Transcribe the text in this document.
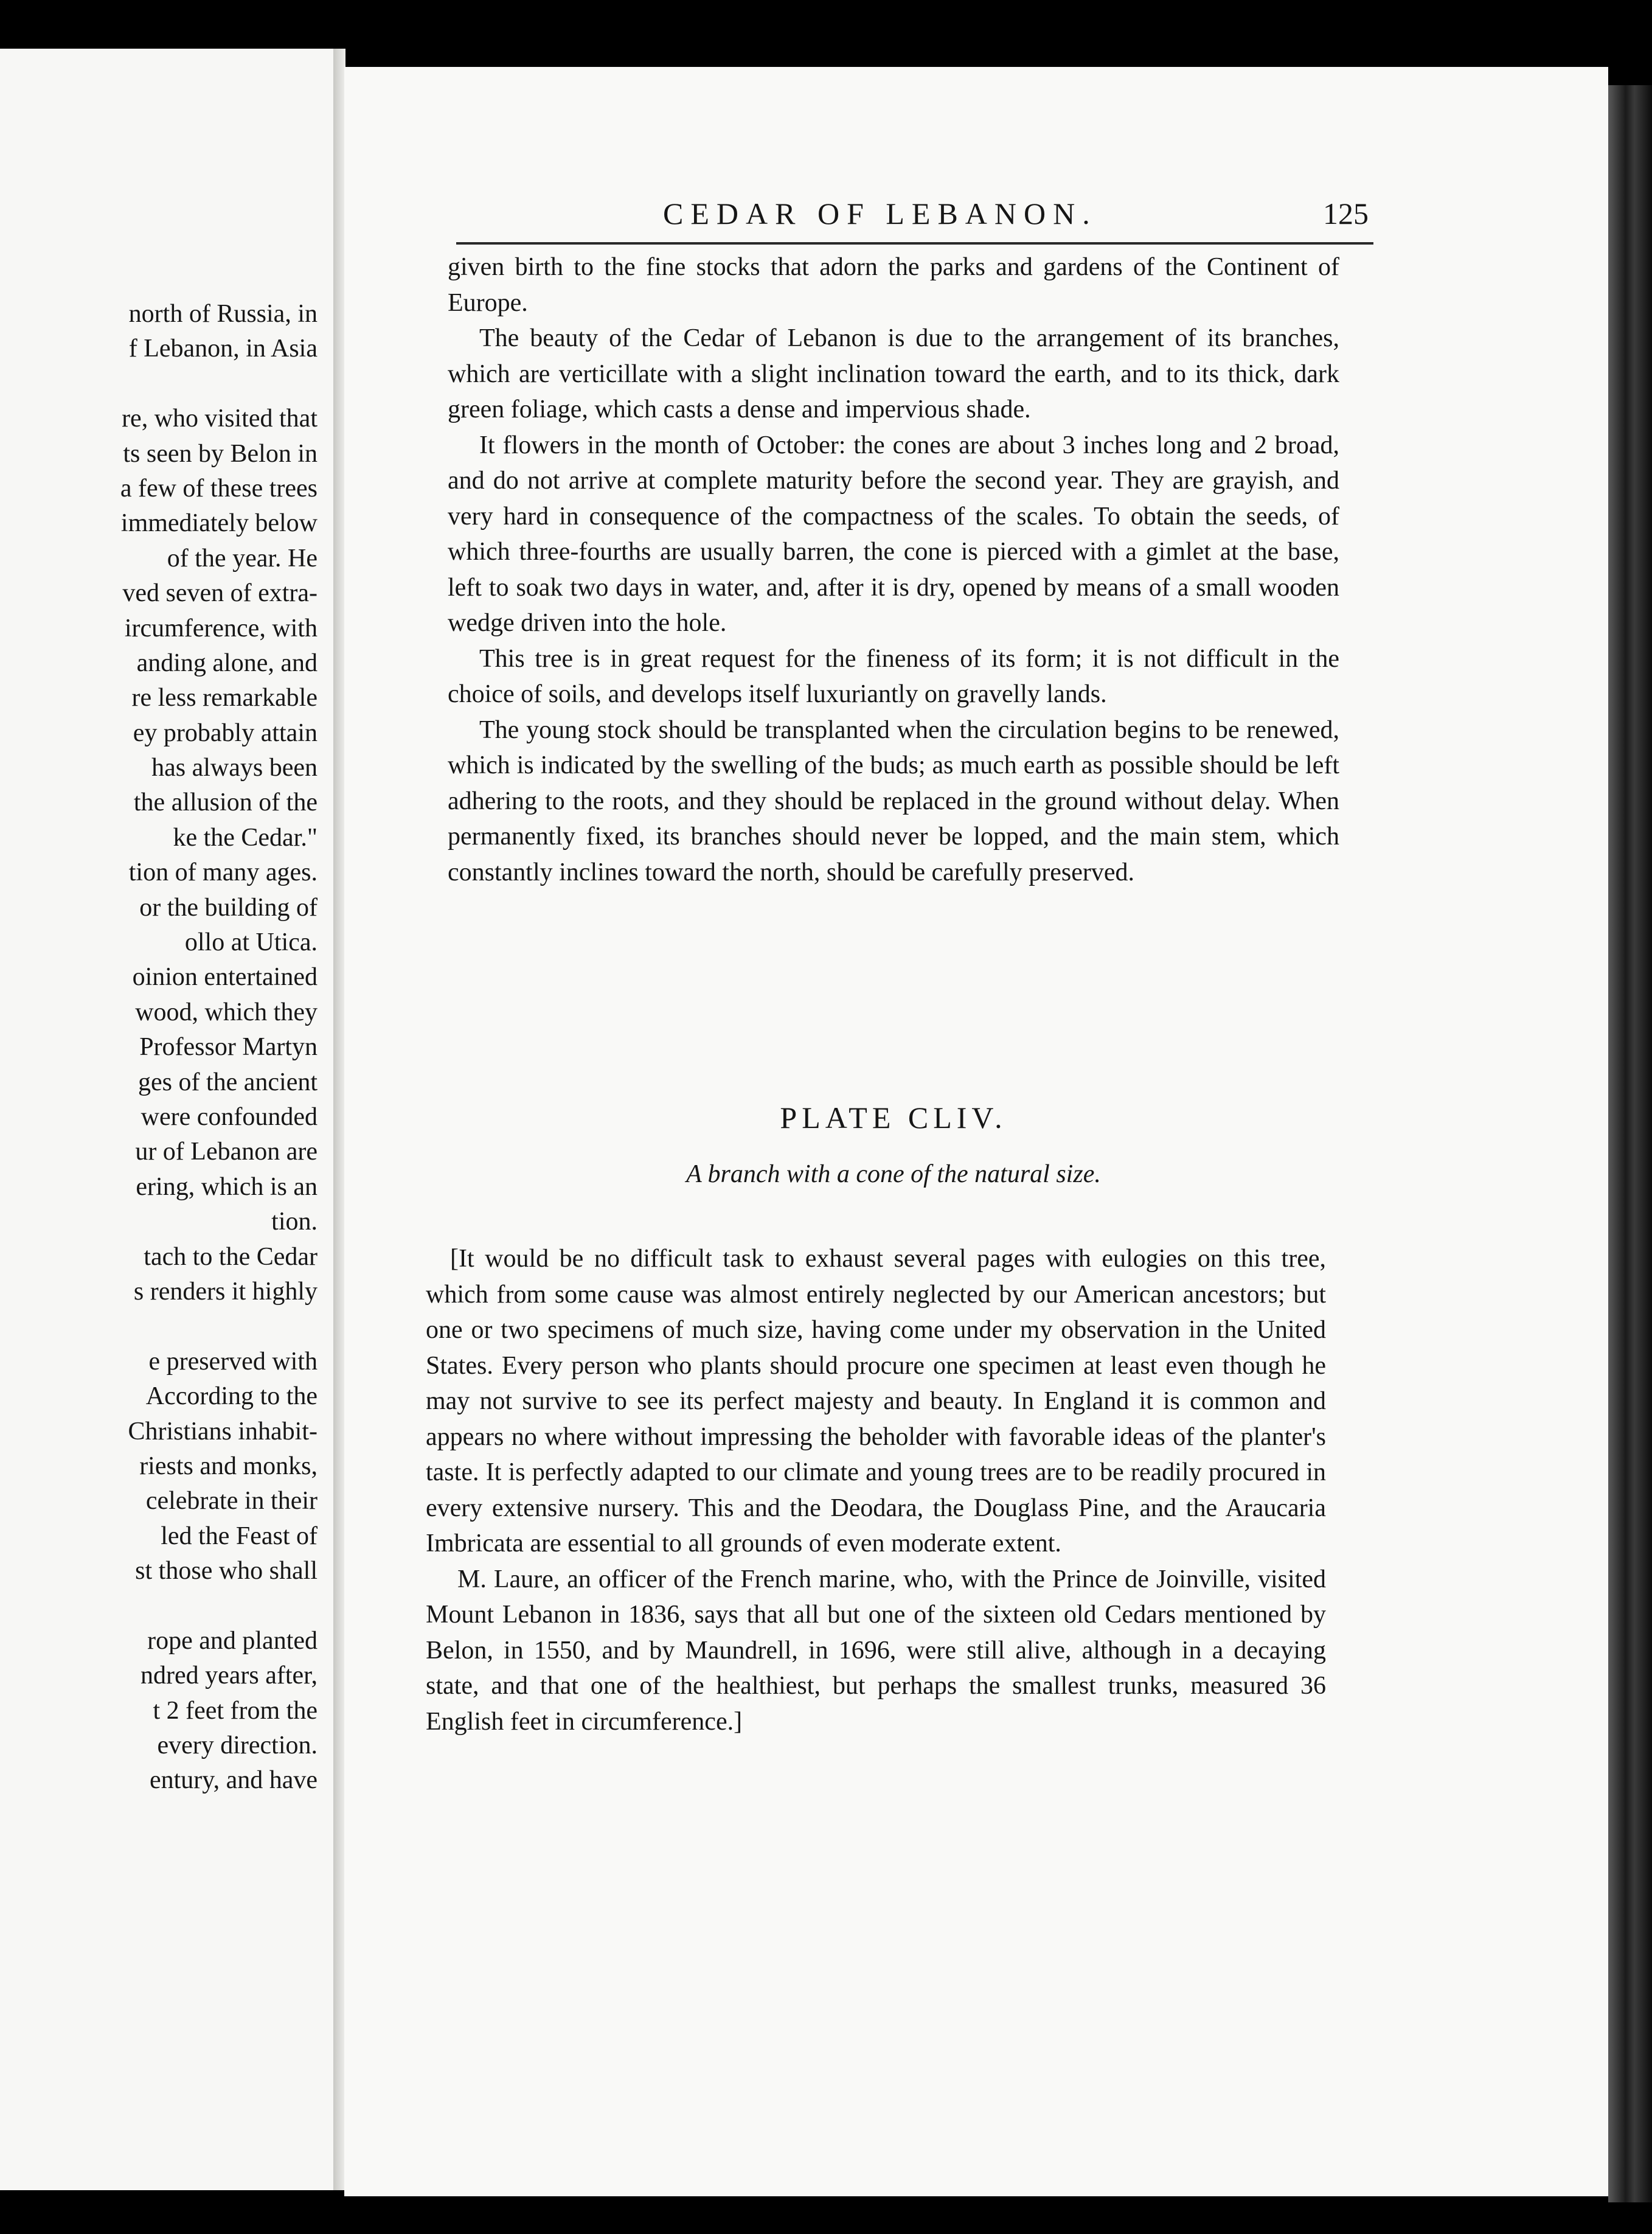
north of Russia, in
f Lebanon, in Asia
re, who visited that
ts seen by Belon in
a few of these trees
immediately below
of the year. He
ved seven of extra-
ircumference, with
anding alone, and
re less remarkable
ey probably attain
has always been
the allusion of the
ke the Cedar."
tion of many ages.
or the building of
ollo at Utica.
oinion entertained
wood, which they
Professor Martyn
ges of the ancient
were confounded
ur of Lebanon are
ering, which is an
tion.
tach to the Cedar
s renders it highly
e preserved with
According to the
Christians inhabit-
riests and monks,
celebrate in their
led the Feast of
st those who shall
rope and planted
ndred years after,
t 2 feet from the
every direction.
entury, and have
CEDAR OF LEBANON.	125

given birth to the fine stocks that adorn the parks and gardens of the Continent of Europe.

The beauty of the Cedar of Lebanon is due to the arrangement of its branches, which are verticillate with a slight inclination toward the earth, and to its thick, dark green foliage, which casts a dense and impervious shade.

It flowers in the month of October: the cones are about 3 inches long and 2 broad, and do not arrive at complete maturity before the second year. They are grayish, and very hard in consequence of the compactness of the scales. To obtain the seeds, of which three-fourths are usually barren, the cone is pierced with a gimlet at the base, left to soak two days in water, and, after it is dry, opened by means of a small wooden wedge driven into the hole.

This tree is in great request for the fineness of its form; it is not difficult in the choice of soils, and develops itself luxuriantly on gravelly lands.

The young stock should be transplanted when the circulation begins to be renewed, which is indicated by the swelling of the buds; as much earth as possible should be left adhering to the roots, and they should be replaced in the ground without delay. When permanently fixed, its branches should never be lopped, and the main stem, which constantly inclines toward the north, should be carefully preserved.

PLATE CLIV.
A branch with a cone of the natural size.

[It would be no difficult task to exhaust several pages with eulogies on this tree, which from some cause was almost entirely neglected by our American ancestors; but one or two specimens of much size, having come under my observation in the United States. Every person who plants should procure one specimen at least even though he may not survive to see its perfect majesty and beauty. In England it is common and appears no where without impressing the beholder with favorable ideas of the planter's taste. It is perfectly adapted to our climate and young trees are to be readily procured in every extensive nursery. This and the Deodara, the Douglass Pine, and the Araucaria Imbricata are essential to all grounds of even moderate extent.

M. Laure, an officer of the French marine, who, with the Prince de Joinville, visited Mount Lebanon in 1836, says that all but one of the sixteen old Cedars mentioned by Belon, in 1550, and by Maundrell, in 1696, were still alive, although in a decaying state, and that one of the healthiest, but perhaps the smallest trunks, measured 36 English feet in circumference.]
